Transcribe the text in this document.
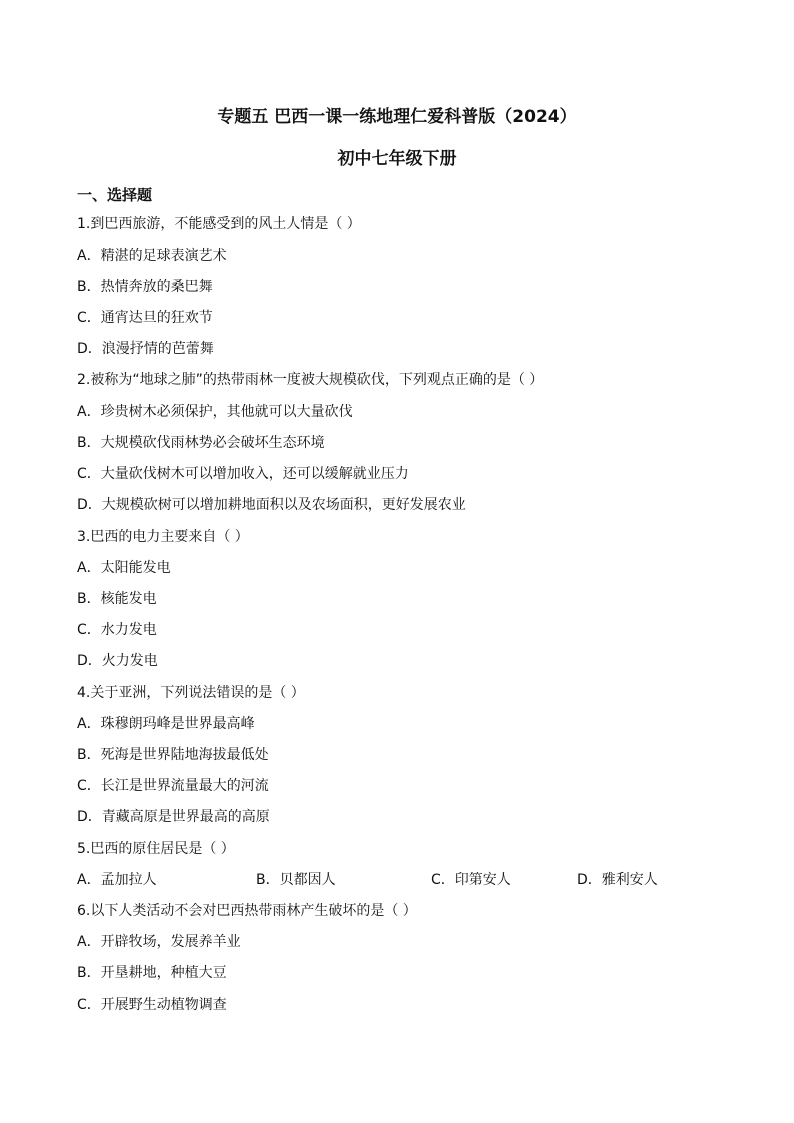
专题五 巴西一课一练地理仁爱科普版（2024）
初中七年级下册
一、选择题
1.到巴西旅游，不能感受到的风土人情是（ ）
A．精湛的足球表演艺术
B．热情奔放的桑巴舞
C．通宵达旦的狂欢节
D．浪漫抒情的芭蕾舞
2.被称为“地球之肺”的热带雨林一度被大规模砍伐，下列观点正确的是（ ）
A．珍贵树木必须保护，其他就可以大量砍伐
B．大规模砍伐雨林势必会破坏生态环境
C．大量砍伐树木可以增加收入，还可以缓解就业压力
D．大规模砍树可以增加耕地面积以及农场面积，更好发展农业
3.巴西的电力主要来自（ ）
A．太阳能发电
B．核能发电
C．水力发电
D．火力发电
4.关于亚洲，下列说法错误的是（ ）
A．珠穆朗玛峰是世界最高峰
B．死海是世界陆地海拔最低处
C．长江是世界流量最大的河流
D．青藏高原是世界最高的高原
5.巴西的原住居民是（ ）
A．孟加拉人	B．贝都因人	C．印第安人	D．雅利安人
6.以下人类活动不会对巴西热带雨林产生破坏的是（ ）
A．开辟牧场，发展养羊业
B．开垦耕地，种植大豆
C．开展野生动植物调查
